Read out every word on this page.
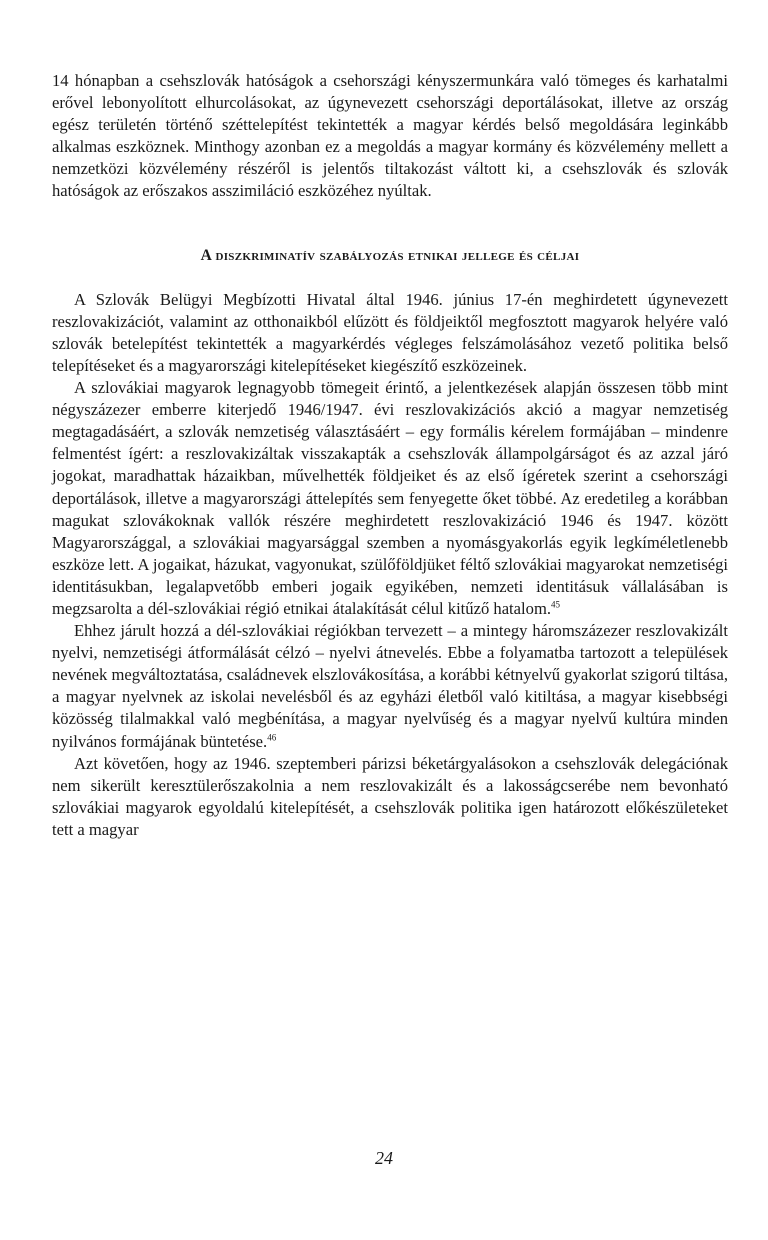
14 hónapban a csehszlovák hatóságok a csehországi kényszermunkára való tömeges és karhatalmi erővel lebonyolított elhurcolásokat, az úgynevezett csehországi deportálásokat, illetve az ország egész területén történő széttelepítést tekintették a magyar kérdés belső megoldására leginkább alkalmas eszköznek. Minthogy azonban ez a megoldás a magyar kormány és közvélemény mellett a nemzetközi közvélemény részéről is jelentős tiltakozást váltott ki, a csehszlovák és szlovák hatóságok az erőszakos asszimiláció eszközéhez nyúltak.

A diszkriminatív szabályozás etnikai jellege és céljai

A Szlovák Belügyi Megbízotti Hivatal által 1946. június 17-én meghirdetett úgynevezett reszlovakizációt, valamint az otthonaikból elűzött és földjeiktől megfosztott magyarok helyére való szlovák betelepítést tekintették a magyarkérdés végleges felszámolásához vezető politika belső telepítéseket és a magyarországi kitelepítéseket kiegészítő eszközeinek.

A szlovákiai magyarok legnagyobb tömegeit érintő, a jelentkezések alapján összesen több mint négyszázezer emberre kiterjedő 1946/1947. évi reszlovakizációs akció a magyar nemzetiség megtagadásáért, a szlovák nemzetiség választásáért – egy formális kérelem formájában – mindenre felmentést ígért: a reszlovakizáltak visszakapták a csehszlovák állampolgárságot és az azzal járó jogokat, maradhattak házaikban, művelhették földjeiket és az első ígéretek szerint a csehországi deportálások, illetve a magyarországi áttelepítés sem fenyegette őket többé. Az eredetileg a korábban magukat szlovákoknak vallók részére meghirdetett reszlovakizáció 1946 és 1947. között Magyarországgal, a szlovákiai magyarsággal szemben a nyomásgyakorlás egyik legkíméletlenebb eszköze lett. A jogaikat, házukat, vagyonukat, szülőföldjüket féltő szlovákiai magyarokat nemzetiségi identitásukban, legalapvetőbb emberi jogaik egyikében, nemzeti identitásuk vállalásában is megzsarolta a dél-szlovákiai régió etnikai átalakítását célul kitűző hatalom.$^{45}$

Ehhez járult hozzá a dél-szlovákiai régiókban tervezett – a mintegy háromszázezer reszlovakizált nyelvi, nemzetiségi átformálását célzó – nyelvi átnevelés. Ebbe a folyamatba tartozott a települések nevének megváltoztatása, családnevek elszlovákosítása, a korábbi kétnyelvű gyakorlat szigorú tiltása, a magyar nyelvnek az iskolai nevelésből és az egyházi életből való kitiltása, a magyar kisebbségi közösség tilalmakkal való megbénítása, a magyar nyelvűség és a magyar nyelvű kultúra minden nyilvános formájának büntetése.$^{46}$

Azt követően, hogy az 1946. szeptemberi párizsi béketárgyalásokon a csehszlovák delegációnak nem sikerült keresztülerőszakolnia a nem reszlovakizált és a lakosságcserébe nem bevonható szlovákiai magyarok egyoldalú kitelepítését, a csehszlovák politika igen határozott előkészületeket tett a magyar

24
